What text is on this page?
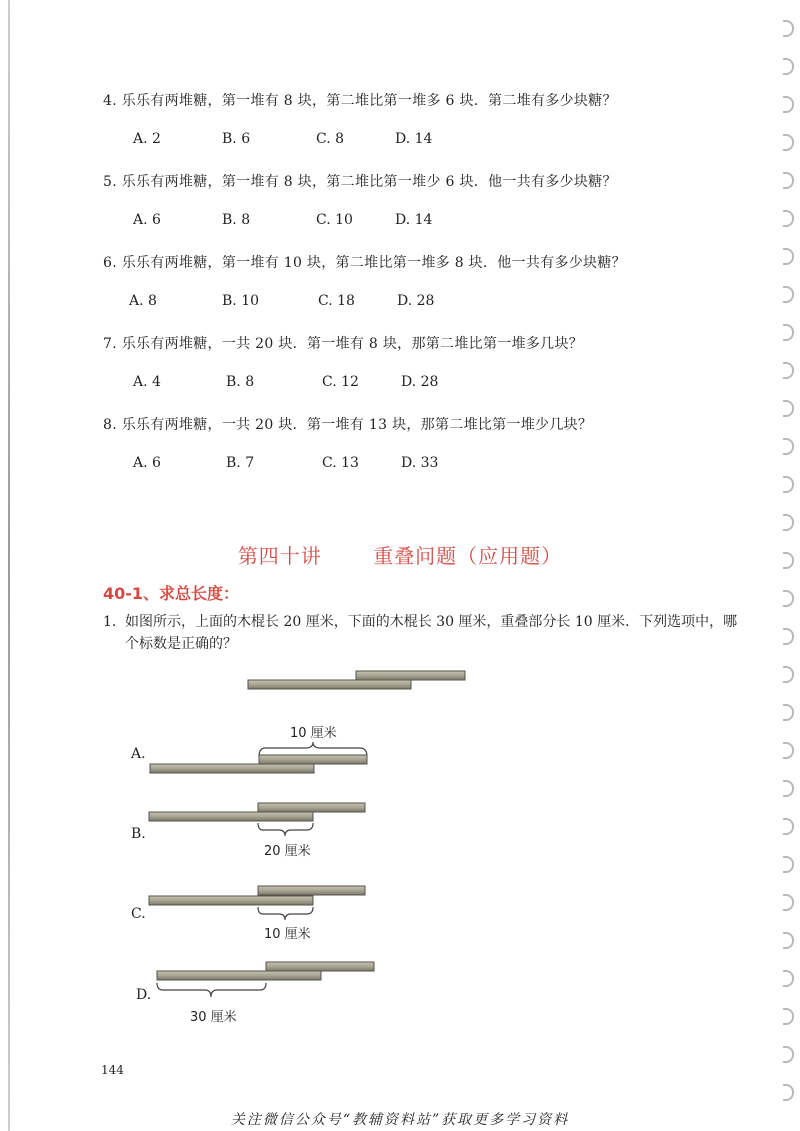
4. 乐乐有两堆糖，第一堆有 8 块，第二堆比第一堆多 6 块．第二堆有多少块糖？
A. 2	B. 6	C. 8	D. 14
5. 乐乐有两堆糖，第一堆有 8 块，第二堆比第一堆少 6 块．他一共有多少块糖？
A. 6	B. 8	C. 10	D. 14
6. 乐乐有两堆糖，第一堆有 10 块，第二堆比第一堆多 8 块．他一共有多少块糖？
A. 8	B. 10	C. 18	D. 28
7. 乐乐有两堆糖，一共 20 块．第一堆有 8 块，那第二堆比第一堆多几块？
A. 4	B. 8	C. 12	D. 28
8. 乐乐有两堆糖，一共 20 块．第一堆有 13 块，那第二堆比第一堆少几块？
A. 6	B. 7	C. 13	D. 33
第四十讲	重叠问题（应用题）
40-1、求总长度：
1. 如图所示，上面的木棍长 20 厘米，下面的木棍长 30 厘米，重叠部分长 10 厘米．下列选项中，哪个标数是正确的？
A.
10 厘米
B.
20 厘米
C.
10 厘米
D.
30 厘米
144
关注微信公众号“教辅资料站”获取更多学习资料
